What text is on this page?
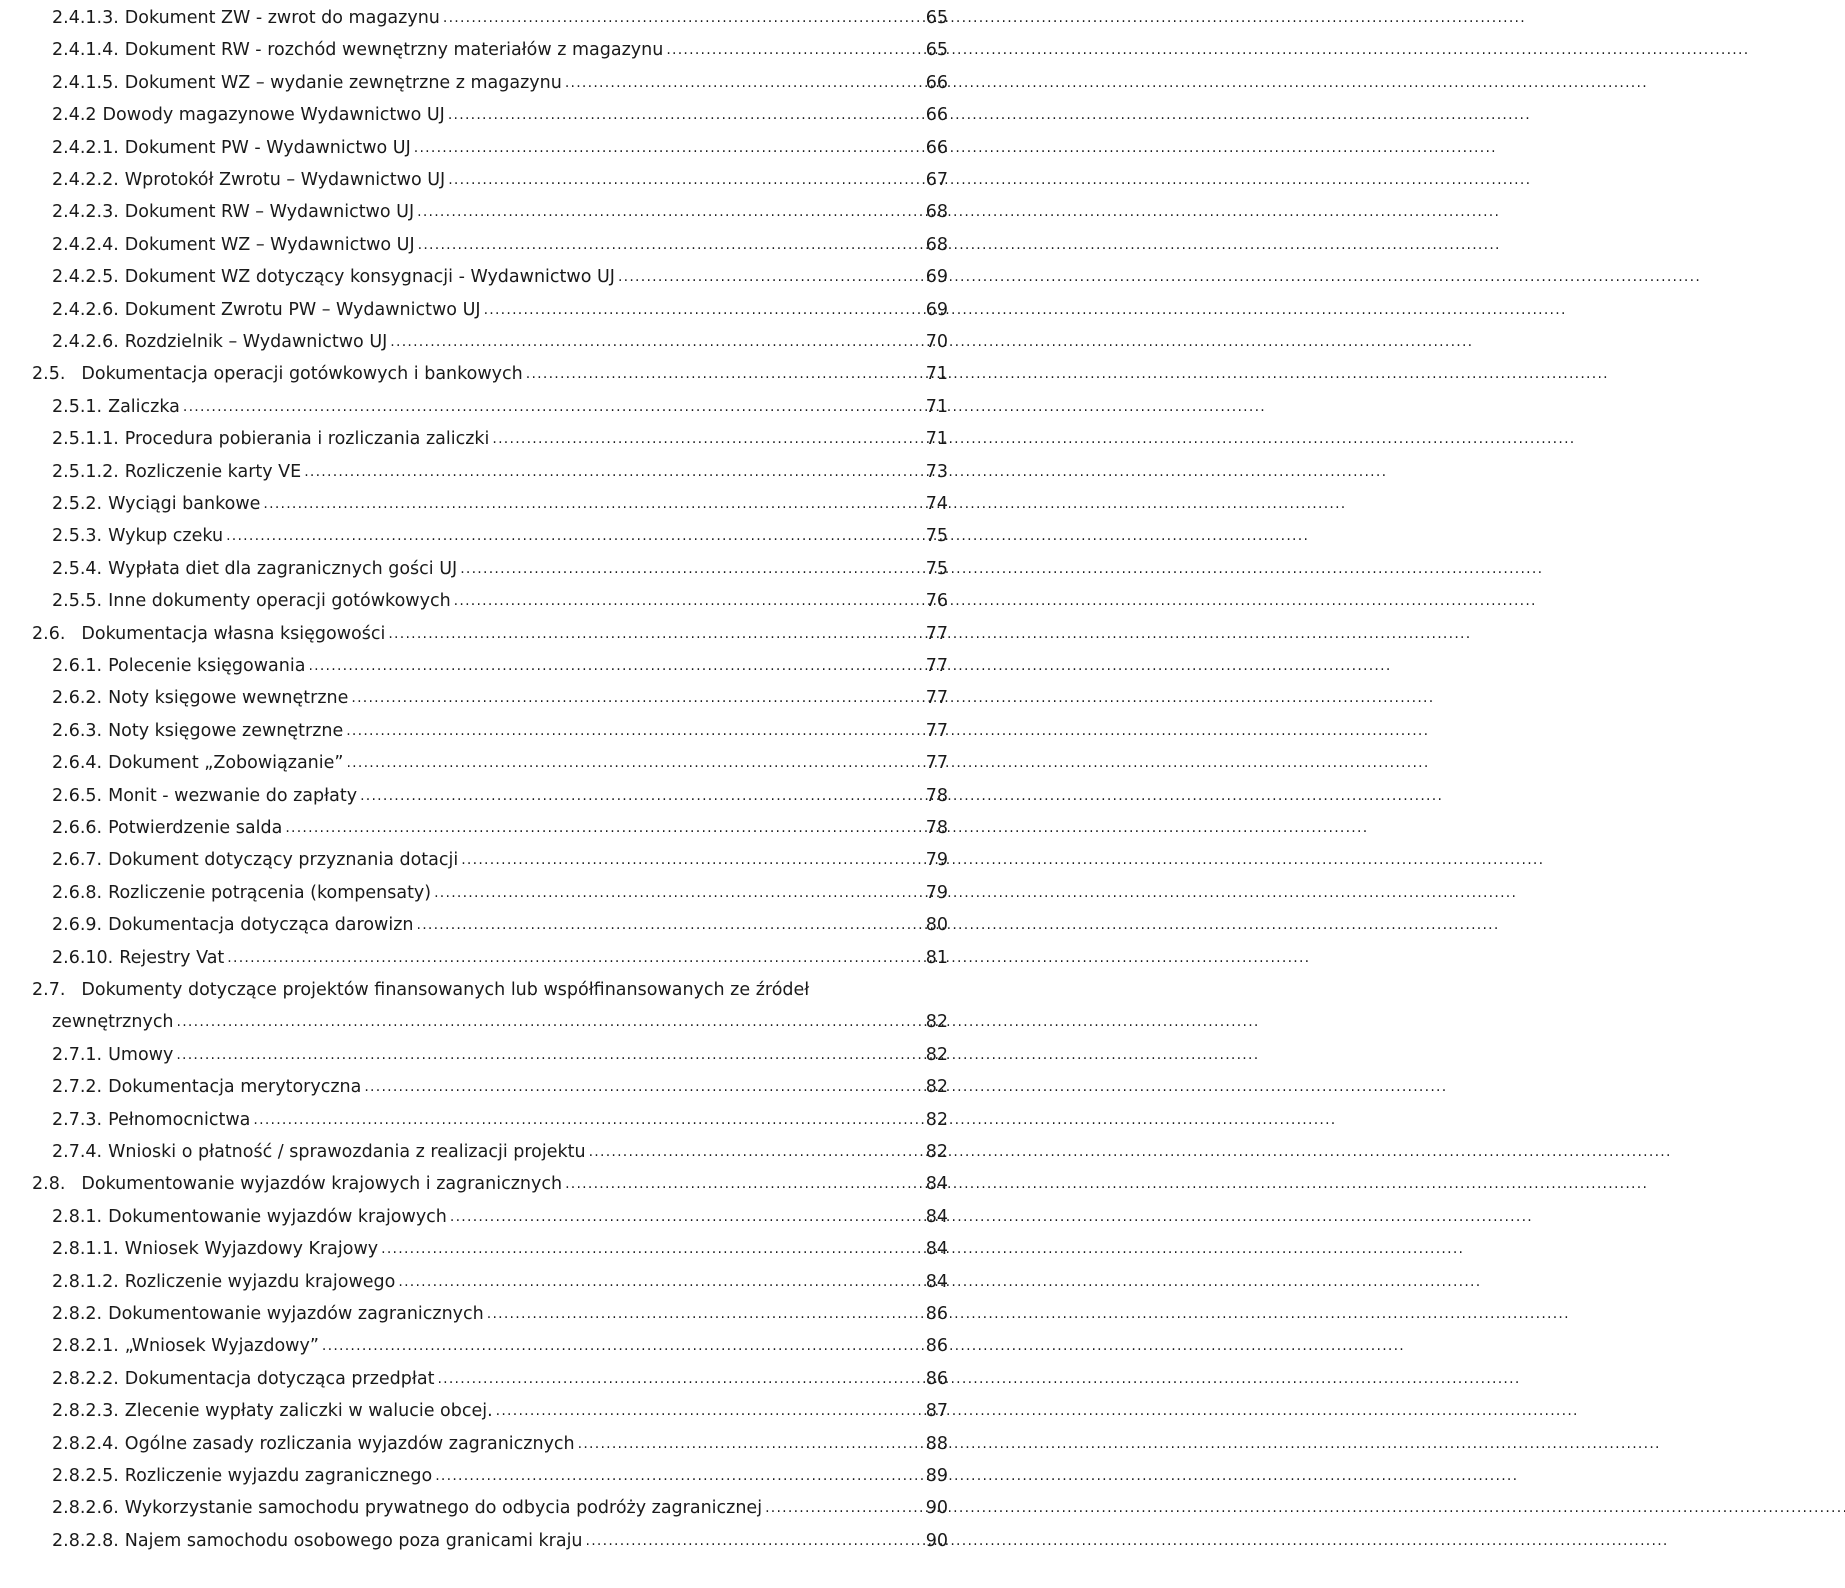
2.4.1.3. Dokument ZW - zwrot do magazynu . . .	65
2.4.1.4. Dokument RW - rozchód wewnętrzny materiałów z magazynu . . .	65
2.4.1.5. Dokument WZ – wydanie zewnętrzne z magazynu . . .	66
2.4.2 Dowody magazynowe Wydawnictwo UJ . . .	66
2.4.2.1. Dokument PW - Wydawnictwo UJ . . .	66
2.4.2.2. Wprotokół Zwrotu – Wydawnictwo UJ . . .	67
2.4.2.3. Dokument RW – Wydawnictwo UJ . . .	68
2.4.2.4. Dokument WZ – Wydawnictwo UJ . . .	68
2.4.2.5. Dokument WZ dotyczący konsygnacji - Wydawnictwo UJ . . .	69
2.4.2.6. Dokument Zwrotu PW – Wydawnictwo UJ . . .	69
2.4.2.6. Rozdzielnik – Wydawnictwo UJ . . .	70
2.5. Dokumentacja operacji gotówkowych i bankowych . . .	71
2.5.1. Zaliczka . . .	71
2.5.1.1. Procedura pobierania i rozliczania zaliczki . . .	71
2.5.1.2. Rozliczenie karty VE . . .	73
2.5.2. Wyciągi bankowe . . .	74
2.5.3. Wykup czeku . . .	75
2.5.4. Wypłata diet dla zagranicznych gości UJ . . .	75
2.5.5. Inne dokumenty operacji gotówkowych . . .	76
2.6. Dokumentacja własna księgowości . . .	77
2.6.1. Polecenie księgowania . . .	77
2.6.2. Noty księgowe wewnętrzne . . .	77
2.6.3. Noty księgowe zewnętrzne . . .	77
2.6.4. Dokument „Zobowiązanie” . . .	77
2.6.5. Monit - wezwanie do zapłaty . . .	78
2.6.6. Potwierdzenie salda . . .	78
2.6.7. Dokument dotyczący przyznania dotacji . . .	79
2.6.8. Rozliczenie potrącenia (kompensaty) . . .	79
2.6.9. Dokumentacja dotycząca darowizn . . .	80
2.6.10. Rejestry Vat . . .	81
2.7. Dokumenty dotyczące projektów finansowanych lub współfinansowanych ze źródeł
zewnętrznych . . .	82
2.7.1. Umowy . . .	82
2.7.2. Dokumentacja merytoryczna . . .	82
2.7.3. Pełnomocnictwa . . .	82
2.7.4. Wnioski o płatność / sprawozdania z realizacji projektu . . .	82
2.8. Dokumentowanie wyjazdów krajowych i zagranicznych . . .	84
2.8.1. Dokumentowanie wyjazdów krajowych . . .	84
2.8.1.1. Wniosek Wyjazdowy Krajowy . . .	84
2.8.1.2. Rozliczenie wyjazdu krajowego . . .	84
2.8.2. Dokumentowanie wyjazdów zagranicznych . . .	86
2.8.2.1. „Wniosek Wyjazdowy” . . .	86
2.8.2.2. Dokumentacja dotycząca przedpłat . . .	86
2.8.2.3. Zlecenie wypłaty zaliczki w walucie obcej. . . .	87
2.8.2.4. Ogólne zasady rozliczania wyjazdów zagranicznych . . .	88
2.8.2.5. Rozliczenie wyjazdu zagranicznego . . .	89
2.8.2.6. Wykorzystanie samochodu prywatnego do odbycia podróży zagranicznej . . .	90
2.8.2.8. Najem samochodu osobowego poza granicami kraju . . .	90
